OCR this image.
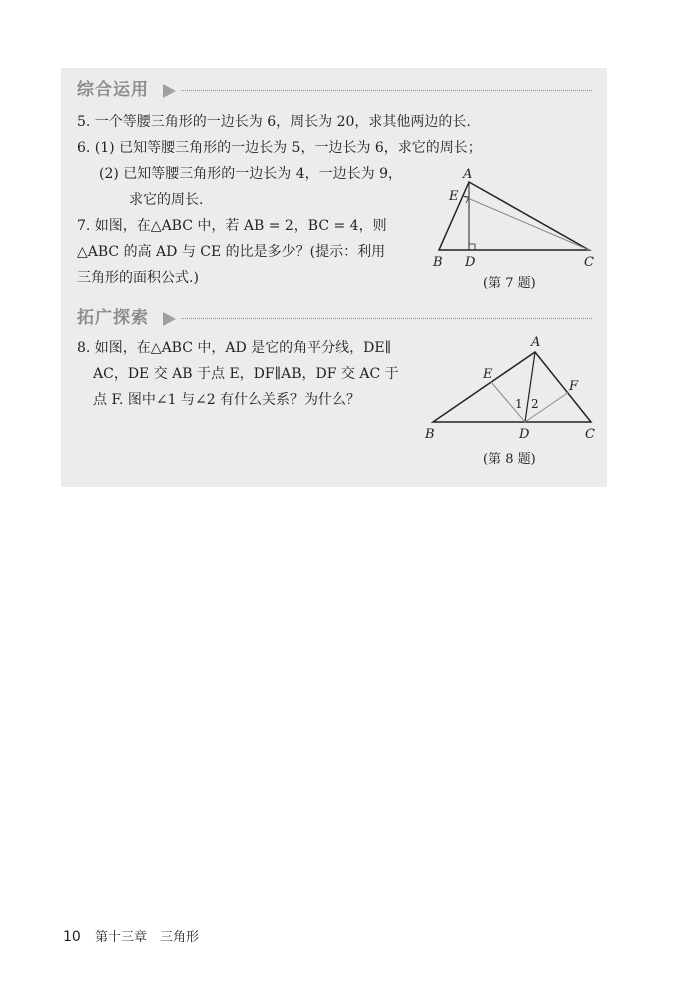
综合运用
5. 一个等腰三角形的一边长为 6，周长为 20，求其他两边的长.
6. (1) 已知等腰三角形的一边长为 5，一边长为 6，求它的周长；
(2) 已知等腰三角形的一边长为 4，一边长为 9，
求它的周长.
7. 如图，在△ABC 中，若 AB = 2，BC = 4，则
△ABC 的高 AD 与 CE 的比是多少？(提示：利用
三角形的面积公式.)
A
B	C
D
E
(第 7 题)
拓广探索
8. 如图，在△ABC 中，AD 是它的角平分线，DE∥
AC，DE 交 AB 于点 E，DF∥AB，DF 交 AC 于
点 F. 图中∠1 与∠2 有什么关系？为什么？
A
B	C
D
E
F
1 2
(第 8 题)
10 第十三章　三角形
